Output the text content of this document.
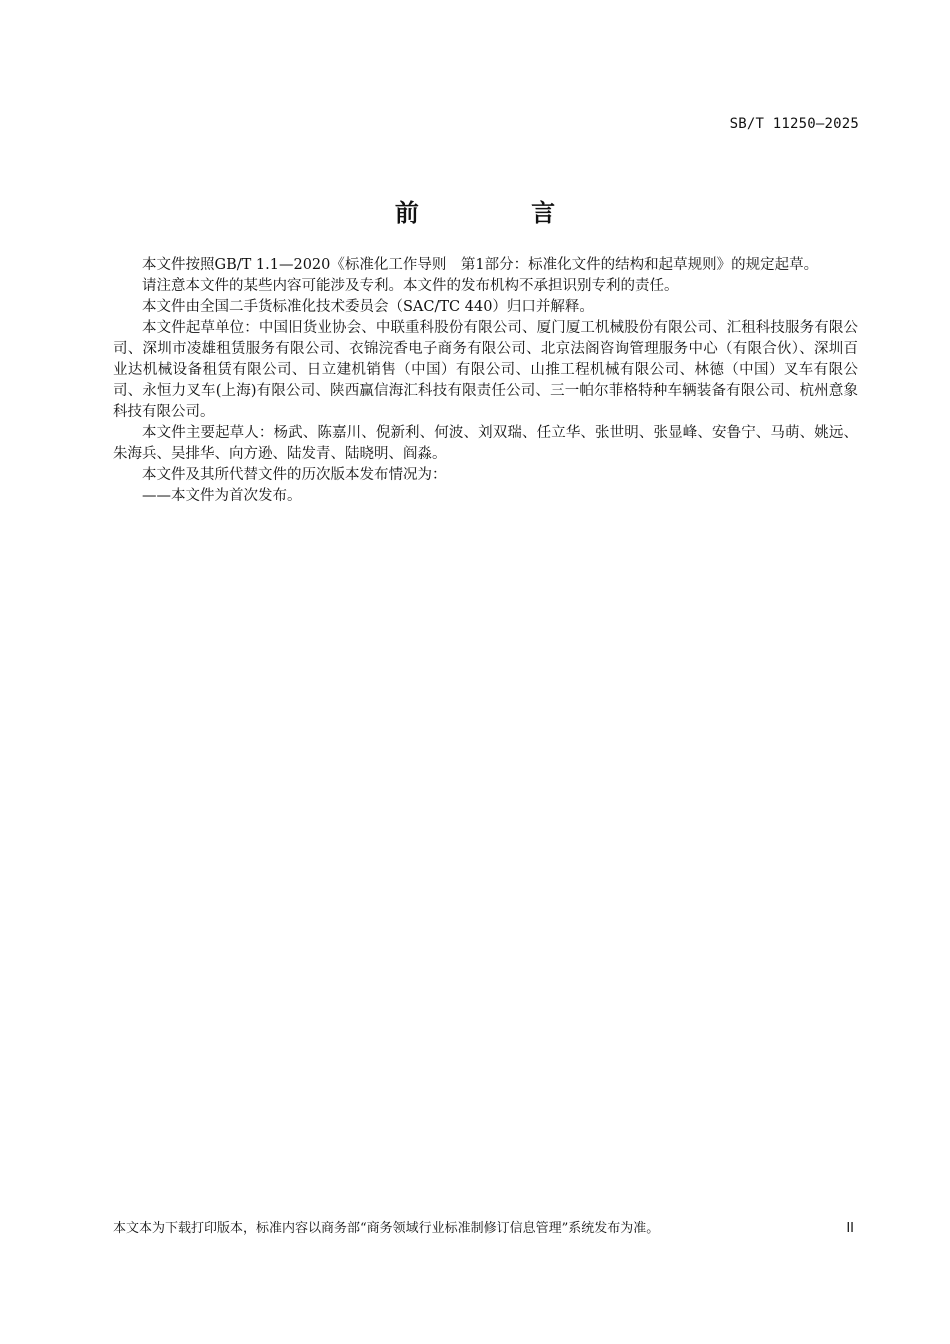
SB/T 11250—2025
前 言

本文件按照GB/T 1.1—2020《标准化工作导则　第1部分：标准化文件的结构和起草规则》的规定起草。

请注意本文件的某些内容可能涉及专利。本文件的发布机构不承担识别专利的责任。

本文件由全国二手货标准化技术委员会（SAC/TC 440）归口并解释。

本文件起草单位：中国旧货业协会、中联重科股份有限公司、厦门厦工机械股份有限公司、汇租科技服务有限公司、深圳市凌雄租赁服务有限公司、衣锦浣香电子商务有限公司、北京法阁咨询管理服务中心（有限合伙）、深圳百业达机械设备租赁有限公司、日立建机销售（中国）有限公司、山推工程机械有限公司、林德（中国）叉车有限公司、永恒力叉车(上海)有限公司、陕西赢信海汇科技有限责任公司、三一帕尔菲格特种车辆装备有限公司、杭州意象科技有限公司。

本文件主要起草人：杨武、陈嘉川、倪新利、何波、刘双瑞、任立华、张世明、张显峰、安鲁宁、马萌、姚远、朱海兵、吴排华、向方逊、陆发青、陆晓明、阎淼。

本文件及其所代替文件的历次版本发布情况为：

——本文件为首次发布。

本文本为下载打印版本，标准内容以商务部“商务领域行业标准制修订信息管理”系统发布为准。	II
